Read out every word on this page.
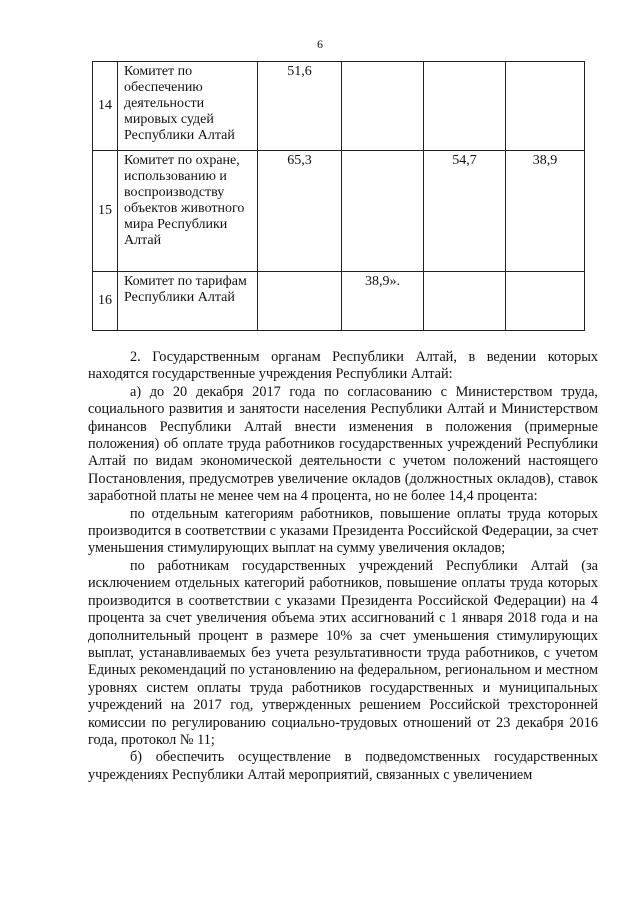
6
14	Комитет по обеспечению деятельности мировых судей Республики Алтай	51,6			
15	Комитет по охране, использованию и воспроизводству объектов животного мира Республики Алтай	65,3		54,7	38,9
16	Комитет по тарифам Республики Алтай		38,9».		

2. Государственным органам Республики Алтай, в ведении которых находятся государственные учреждения Республики Алтай:

а) до 20 декабря 2017 года по согласованию с Министерством труда, социального развития и занятости населения Республики Алтай и Министерством финансов Республики Алтай внести изменения в положения (примерные положения) об оплате труда работников государственных учреждений Республики Алтай по видам экономической деятельности с учетом положений настоящего Постановления, предусмотрев увеличение окладов (должностных окладов), ставок заработной платы не менее чем на 4 процента, но не более 14,4 процента:

по отдельным категориям работников, повышение оплаты труда которых производится в соответствии с указами Президента Российской Федерации, за счет уменьшения стимулирующих выплат на сумму увеличения окладов;

по работникам государственных учреждений Республики Алтай (за исключением отдельных категорий работников, повышение оплаты труда которых производится в соответствии с указами Президента Российской Федерации) на 4 процента за счет увеличения объема этих ассигнований с 1 января 2018 года и на дополнительный процент в размере 10% за счет уменьшения стимулирующих выплат, устанавливаемых без учета результативности труда работников, с учетом Единых рекомендаций по установлению на федеральном, региональном и местном уровнях систем оплаты труда работников государственных и муниципальных учреждений на 2017 год, утвержденных решением Российской трехсторонней комиссии по регулированию социально-трудовых отношений от 23 декабря 2016 года, протокол № 11;

б) обеспечить осуществление в подведомственных государственных учреждениях Республики Алтай мероприятий, связанных с увеличением
